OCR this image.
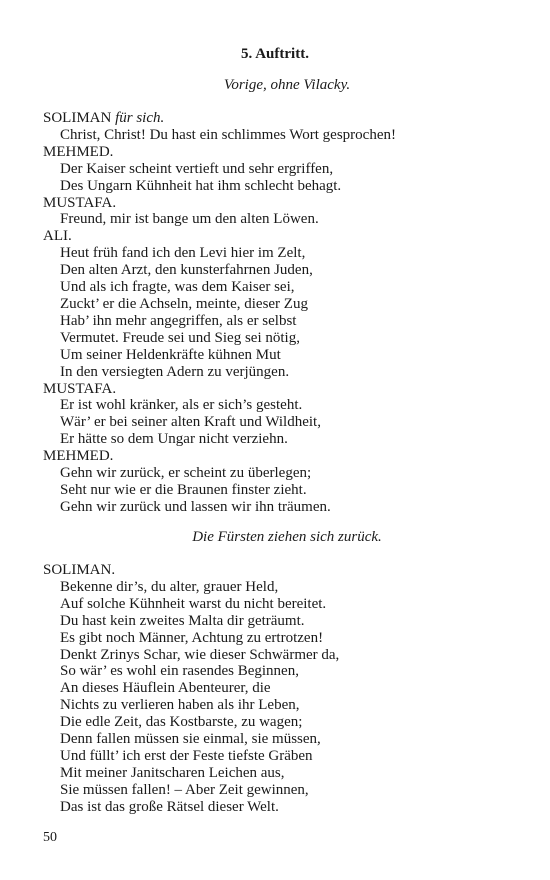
5. Auftritt.
Vorige, ohne Vilacky.
SOLIMAN für sich.
Christ, Christ! Du hast ein schlimmes Wort gesprochen!
MEHMED.
Der Kaiser scheint vertieft und sehr ergriffen,
Des Ungarn Kühnheit hat ihm schlecht behagt.
MUSTAFA.
Freund, mir ist bange um den alten Löwen.
ALI.
Heut früh fand ich den Levi hier im Zelt,
Den alten Arzt, den kunsterfahrnen Juden,
Und als ich fragte, was dem Kaiser sei,
Zuckt’ er die Achseln, meinte, dieser Zug
Hab’ ihn mehr angegriffen, als er selbst
Vermutet. Freude sei und Sieg sei nötig,
Um seiner Heldenkräfte kühnen Mut
In den versiegten Adern zu verjüngen.
MUSTAFA.
Er ist wohl kränker, als er sich’s gesteht.
Wär’ er bei seiner alten Kraft und Wildheit,
Er hätte so dem Ungar nicht verziehn.
MEHMED.
Gehn wir zurück, er scheint zu überlegen;
Seht nur wie er die Braunen finster zieht.
Gehn wir zurück und lassen wir ihn träumen.
Die Fürsten ziehen sich zurück.
SOLIMAN.
Bekenne dir’s, du alter, grauer Held,
Auf solche Kühnheit warst du nicht bereitet.
Du hast kein zweites Malta dir geträumt.
Es gibt noch Männer, Achtung zu ertrotzen!
Denkt Zrinys Schar, wie dieser Schwärmer da,
So wär’ es wohl ein rasendes Beginnen,
An dieses Häuflein Abenteurer, die
Nichts zu verlieren haben als ihr Leben,
Die edle Zeit, das Kostbarste, zu wagen;
Denn fallen müssen sie einmal, sie müssen,
Und füllt’ ich erst der Feste tiefste Gräben
Mit meiner Janitscharen Leichen aus,
Sie müssen fallen! – Aber Zeit gewinnen,
Das ist das große Rätsel dieser Welt.
50
